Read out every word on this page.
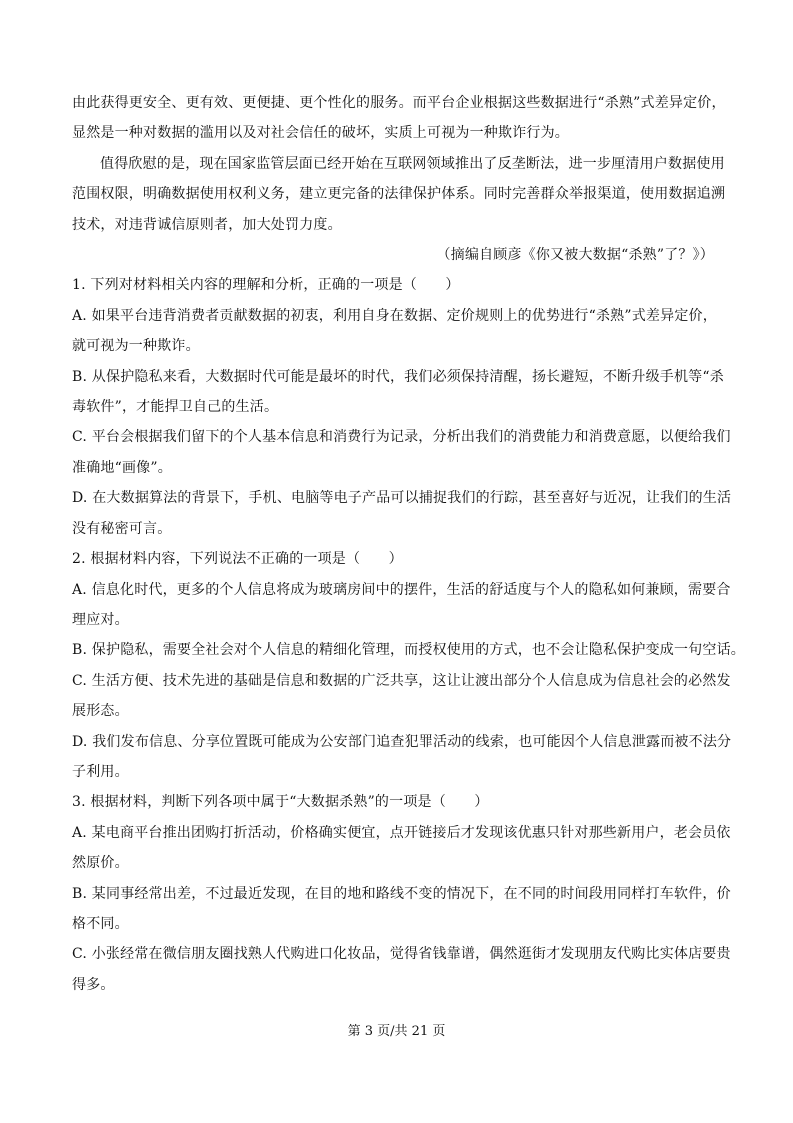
由此获得更安全、更有效、更便捷、更个性化的服务。而平台企业根据这些数据进行“杀熟”式差异定价，
显然是一种对数据的滥用以及对社会信任的破坏，实质上可视为一种欺诈行为。
值得欣慰的是，现在国家监管层面已经开始在互联网领域推出了反垄断法，进一步厘清用户数据使用
范围权限，明确数据使用权利义务，建立更完备的法律保护体系。同时完善群众举报渠道，使用数据追溯
技术，对违背诚信原则者，加大处罚力度。
（摘编自顾彦《你又被大数据“杀熟”了？》）
1. 下列对材料相关内容的理解和分析，正确的一项是（　　）
A. 如果平台违背消费者贡献数据的初衷，利用自身在数据、定价规则上的优势进行“杀熟”式差异定价，
就可视为一种欺诈。
B. 从保护隐私来看，大数据时代可能是最坏的时代，我们必须保持清醒，扬长避短，不断升级手机等“杀
毒软件”，才能捍卫自己的生活。
C. 平台会根据我们留下的个人基本信息和消费行为记录，分析出我们的消费能力和消费意愿，以便给我们
准确地“画像”。
D. 在大数据算法的背景下，手机、电脑等电子产品可以捕捉我们的行踪，甚至喜好与近况，让我们的生活
没有秘密可言。
2. 根据材料内容，下列说法不正确的一项是（　　）
A. 信息化时代，更多的个人信息将成为玻璃房间中的摆件，生活的舒适度与个人的隐私如何兼顾，需要合
理应对。
B. 保护隐私，需要全社会对个人信息的精细化管理，而授权使用的方式，也不会让隐私保护变成一句空话。
C. 生活方便、技术先进的基础是信息和数据的广泛共享，这让让渡出部分个人信息成为信息社会的必然发
展形态。
D. 我们发布信息、分享位置既可能成为公安部门追查犯罪活动的线索，也可能因个人信息泄露而被不法分
子利用。
3. 根据材料，判断下列各项中属于“大数据杀熟”的一项是（　　）
A. 某电商平台推出团购打折活动，价格确实便宜，点开链接后才发现该优惠只针对那些新用户，老会员依
然原价。
B. 某同事经常出差，不过最近发现，在目的地和路线不变的情况下，在不同的时间段用同样打车软件，价
格不同。
C. 小张经常在微信朋友圈找熟人代购进口化妆品，觉得省钱靠谱，偶然逛街才发现朋友代购比实体店要贵
得多。
第 3 页/共 21 页
